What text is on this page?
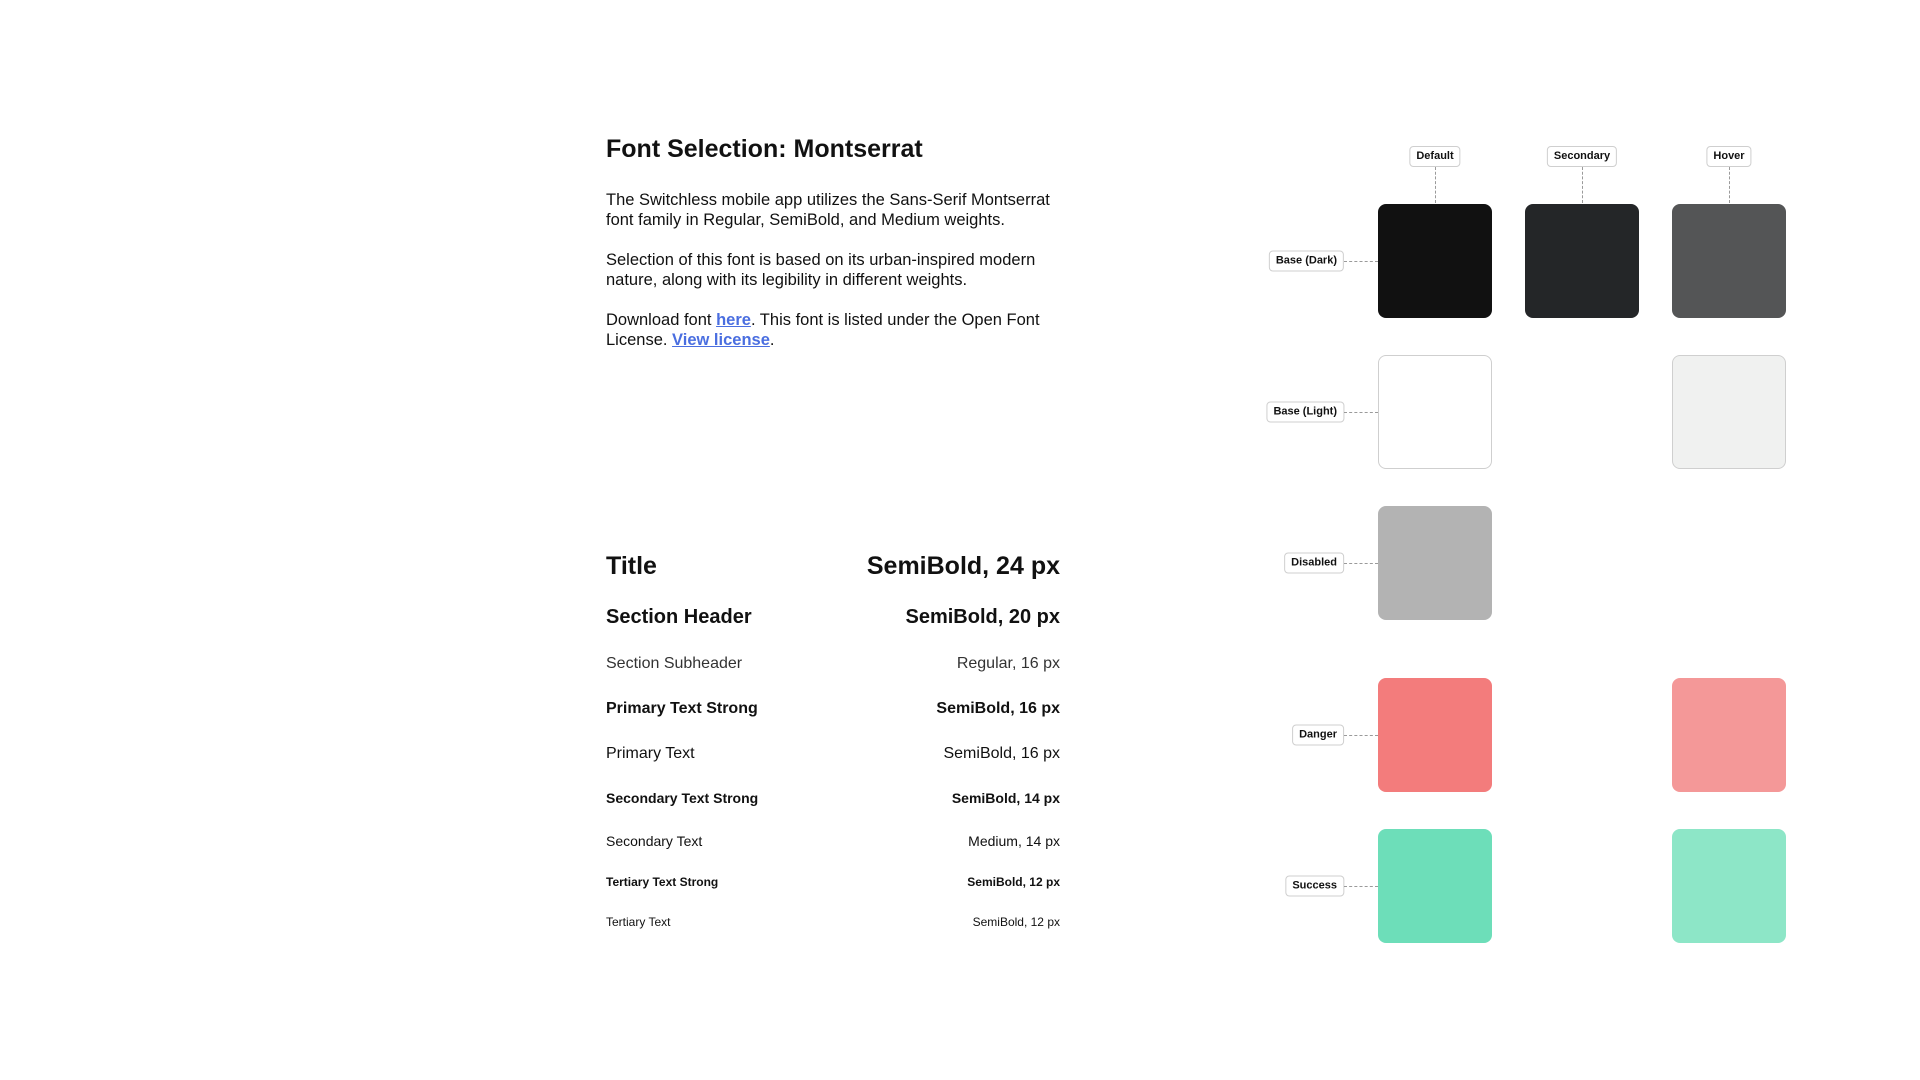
Typography
& Colors
Font Selection: Montserrat

The Switchless mobile app utilizes the Sans-Serif Montserrat font family in Regular, SemiBold, and Medium weights.

Selection of this font is based on its urban-inspired modern nature, along with its legibility in different weights.

Download font here. This font is listed under the Open Font License. View license.

Title	SemiBold, 24 px
Section Header	SemiBold, 20 px
Section Subheader	Regular, 16 px
Primary Text Strong	SemiBold, 16 px
Primary Text	SemiBold, 16 px
Secondary Text Strong	SemiBold, 14 px
Secondary Text	Medium, 14 px
Tertiary Text Strong	SemiBold, 12 px
Tertiary Text	SemiBold, 12 px
Default	Secondary	Hover
Base (Dark)
Base (Light)
Disabled
Danger
Success
